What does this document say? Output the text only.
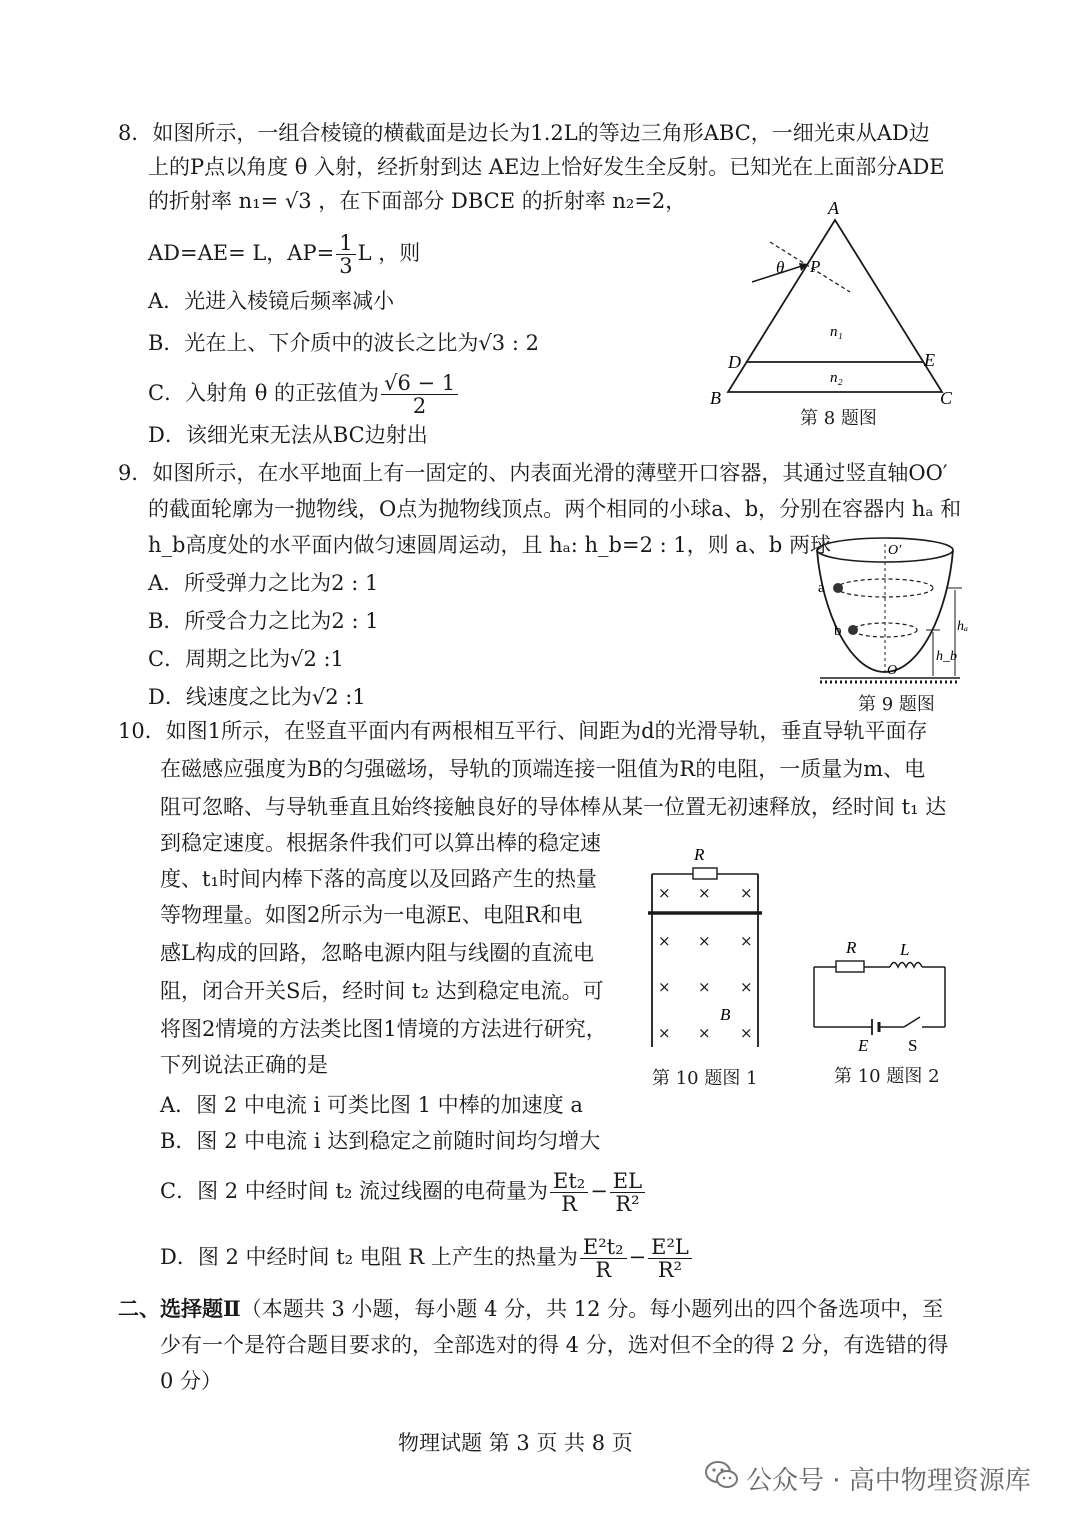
8．如图所示，一组合棱镜的横截面是边长为1.2L的等边三角形ABC，一细光束从AD边
上的P点以角度 θ 入射，经折射到达 AE边上恰好发生全反射。已知光在上面部分ADE
的折射率 n₁= √3 ，在下面部分 DBCE 的折射率 n₂=2，
AD=AE= L，$AP= \frac{1}{3}$ L ，则
A．光进入棱镜后频率减小
B．光在上、下介质中的波长之比为√3 : 2
C．入射角 θ 的正弦值为 $\frac{√6 - 1}{2}$
D．该细光束无法从BC边射出
A
B	C
D	E
P
θ
n₁
n₂
第 8 题图
9．如图所示，在水平地面上有一固定的、内表面光滑的薄壁开口容器，其通过竖直轴OO′
的截面轮廓为一抛物线，O点为抛物线顶点。两个相同的小球a、b，分别在容器内 hₐ 和
h_b高度处的水平面内做匀速圆周运动，且 hₐ: h_b=2 : 1，则 a、b 两球
A．所受弹力之比为2 : 1
B．所受合力之比为2 : 1
C．周期之比为√2 :1
D．线速度之比为√2 :1
O′
O
a
b	hₐ
h_b
第 9 题图
10．如图1所示，在竖直平面内有两根相互平行、间距为d的光滑导轨，垂直导轨平面存
在磁感应强度为B的匀强磁场，导轨的顶端连接一阻值为R的电阻，一质量为m、电
阻可忽略、与导轨垂直且始终接触良好的导体棒从某一位置无初速释放，经时间 t₁ 达
到稳定速度。根据条件我们可以算出棒的稳定速
度、t₁时间内棒下落的高度以及回路产生的热量
等物理量。如图2所示为一电源E、电阻R和电
感L构成的回路，忽略电源内阻与线圈的直流电
阻，闭合开关S后，经时间 t₂ 达到稳定电流。可
将图2情境的方法类比图1情境的方法进行研究，
下列说法正确的是
A．图 2 中电流 i 可类比图 1 中棒的加速度 a
B．图 2 中电流 i 达到稳定之前随时间均匀增大
C．图 2 中经时间 t₂ 流过线圈的电荷量为 $\frac{\text{Et₂}}{R} - \frac{EL}{\text{R²}}$
D．图 2 中经时间 t₂ 电阻 R 上产生的热量为 $\frac{\text{E²t₂}}{R} - \frac{\text{E²L}}{\text{R²}}$
R
B
× × ×
× × ×
× × ×
× × ×
第 10 题图 1
R	L
E S
第 10 题图 2
二、选择题Ⅱ（本题共 3 小题，每小题 4 分，共 12 分。每小题列出的四个备选项中，至
少有一个是符合题目要求的，全部选对的得 4 分，选对但不全的得 2 分，有选错的得
0 分）
物理试题 第 3 页 共 8 页
公众号 · 高中物理资源库
